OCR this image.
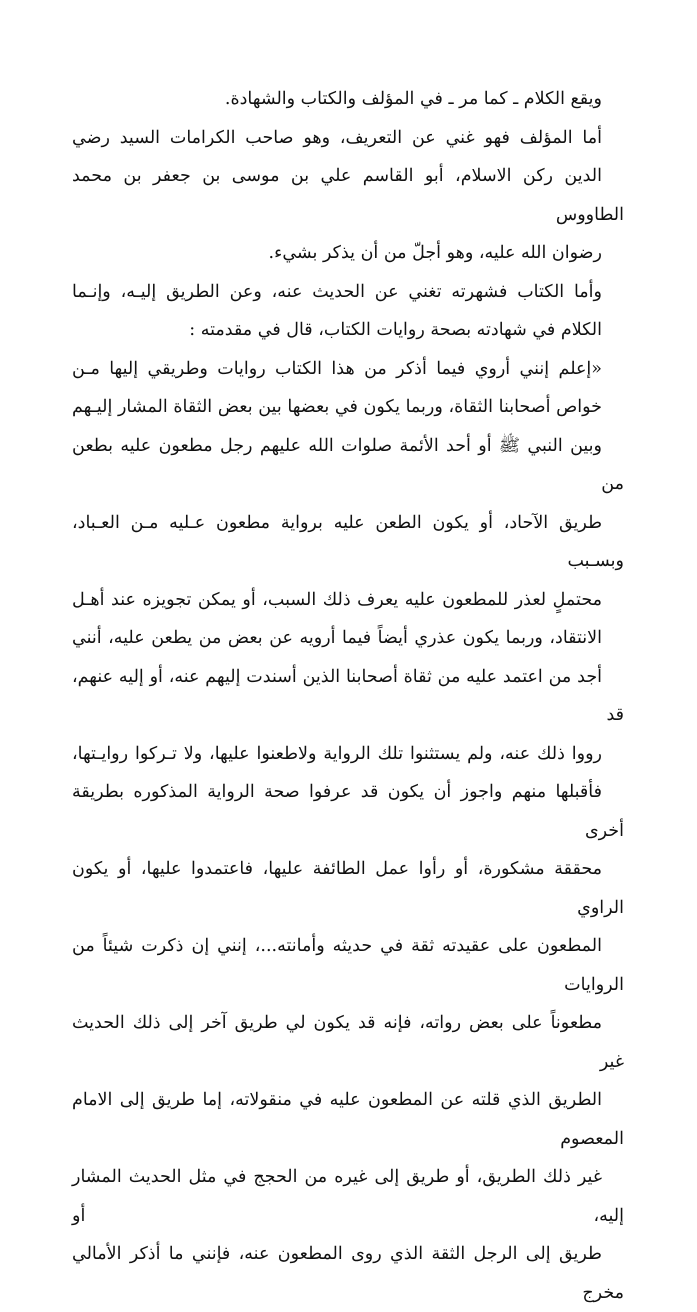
ويقع الكلام ـ كما مر ـ في المؤلف والكتاب والشهادة.

أما المؤلف فهو غني عن التعريف، وهو صاحب الكرامات السيد رضي
الدين ركن الاسلام، أبو القاسم علي بن موسى بن جعفر بن محمد الطاووس
رضوان الله عليه، وهو أجلّ من أن يذكر بشيء.

وأما الكتاب فشهرته تغني عن الحديث عنه، وعن الطريق إليـه، وإنـما
الكلام في شهادته بصحة روايات الكتاب، قال في مقدمته :

«إعلم إنني أروي فيما أذكر من هذا الكتاب روايات وطريقي إليها مـن
خواص أصحابنا الثقاة، وربما يكون في بعضها بين بعض الثقاة المشار إليـهم
وبين النبي ﷺ أو أحد الأئمة صلوات الله عليهم رجل مطعون عليه بطعن من
طريق الآحاد، أو يكون الطعن عليه برواية مطعون عـليه مـن العـباد، وبسـبب
محتملٍ لعذر للمطعون عليه يعرف ذلك السبب، أو يمكن تجويزه عند أهـل
الانتقاد، وربما يكون عذري أيضاً فيما أرويه عن بعض من يطعن عليه، أنني
أجد من اعتمد عليه من ثقاة أصحابنا الذين أسندت إليهم عنه، أو إليه عنهم، قد
رووا ذلك عنه، ولم يستثنوا تلك الرواية ولاطعنوا عليها، ولا تـركوا روايـتها،
فأقبلها منهم واجوز أن يكون قد عرفوا صحة الرواية المذكوره بطريقة أخرى
محققة مشكورة، أو رأوا عمل الطائفة عليها، فاعتمدوا عليها، أو يكون الراوي
المطعون على عقيدته ثقة في حديثه وأمانته...، إنني إن ذكرت شيئاً من الروايات
مطعوناً على بعض رواته، فإنه قد يكون لي طريق آخر إلى ذلك الحديث غير
الطريق الذي قلته عن المطعون عليه في منقولاته، إما طريق إلى الامام المعصوم
غير ذلك الطريق، أو طريق إلى غيره من الحجج في مثل الحديث المشار إليه، أو
طريق إلى الرجل الثقة الذي روى المطعون عنه، فإنني ما أذكر الأمالي مخرج
